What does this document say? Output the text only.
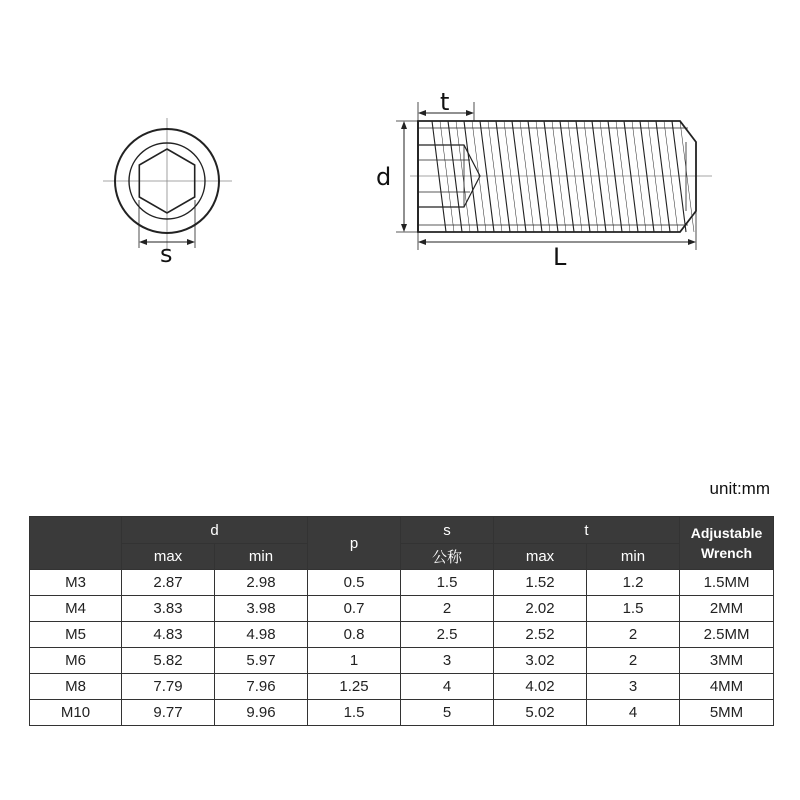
s
t
d
L
unit:mm
	d		p	s	t		Adjustable
Wrench
	max	min		公称	max	min	
M3	2.87	2.98	0.5	1.5	1.52	1.2	1.5MM
M4	3.83	3.98	0.7	2	2.02	1.5	2MM
M5	4.83	4.98	0.8	2.5	2.52	2	2.5MM
M6	5.82	5.97	1	3	3.02	2	3MM
M8	7.79	7.96	1.25	4	4.02	3	4MM
M10	9.77	9.96	1.5	5	5.02	4	5MM
